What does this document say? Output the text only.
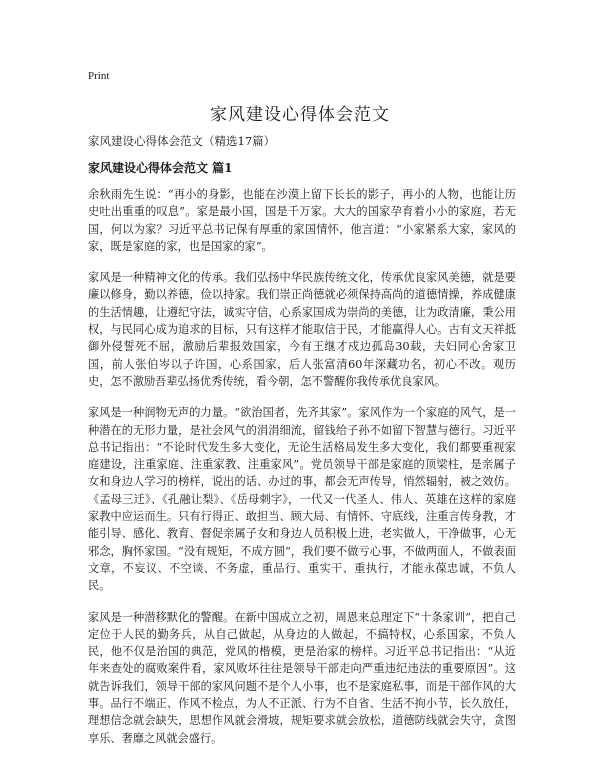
Print
家风建设心得体会范文

家风建设心得体会范文（精选17篇）

家风建设心得体会范文 篇1

余秋雨先生说：“再小的身影，也能在沙漠上留下长长的影子，再小的人物，也能让历史吐出重重的叹息”。家是最小国，国是千万家。大大的国家孕育着小小的家庭，若无国，何以为家？习近平总书记保有厚重的家国情怀，他言道：“小家紧系大家，家风的家，既是家庭的家，也是国家的家”。

家风是一种精神文化的传承。我们弘扬中华民族传统文化，传承优良家风美德，就是要廉以修身，勤以养德，俭以持家。我们崇正尚德就必须保持高尚的道德情操，养成健康的生活情趣，让遵纪守法，诚实守信，心系家国成为崇尚的美德，让为政清廉，秉公用权，与民同心成为追求的目标，只有这样才能取信于民，才能赢得人心。古有文天祥抵御外侵誓死不屈，激励后辈报效国家，今有王继才戍边孤岛30载，夫妇同心舍家卫国，前人张伯岑以子许国，心系国家，后人张富清60年深藏功名，初心不改。观历史，怎不激励吾辈弘扬优秀传统，看今朝，怎不警醒你我传承优良家风。

家风是一种润物无声的力量。“欲治国者，先齐其家”。家风作为一个家庭的风气，是一种潜在的无形力量，是社会风气的涓涓细流，留钱给子孙不如留下智慧与德行。习近平总书记指出：“不论时代发生多大变化，无论生活格局发生多大变化，我们都要重视家庭建设，注重家庭、注重家教、注重家风”。党员领导干部是家庭的顶梁柱，是亲属子女和身边人学习的榜样，说出的话、办过的事，都会无声传导，悄然辐射，被之效仿。《孟母三迁》、《孔融让梨》、《岳母刺字》，一代又一代圣人、伟人、英雄在这样的家庭家教中应运而生。只有行得正、敢担当、顾大局、有情怀、守底线，注重言传身教，才能引导、感化、教育、督促亲属子女和身边人员积极上进，老实做人，干净做事，心无邪念，胸怀家国。“没有规矩，不成方圆”，我们要不做亏心事，不做两面人，不做表面文章，不妄议、不空谈、不务虚，重品行、重实干、重执行，才能永葆忠诚，不负人民。

家风是一种潜移默化的警醒。在新中国成立之初，周恩来总理定下“十条家训”，把自己定位于人民的勤务兵，从自己做起，从身边的人做起，不搞特权，心系国家，不负人民，他不仅是治国的典范，党风的楷模，更是治家的榜样。习近平总书记指出：“从近年来查处的腐败案件看，家风败坏往往是领导干部走向严重违纪违法的重要原因”。这就告诉我们，领导干部的家风问题不是个人小事，也不是家庭私事，而是干部作风的大事。品行不端正、作风不检点，为人不正派、行为不自省、生活不拘小节，长久放任，理想信念就会缺失，思想作风就会滑坡，规矩要求就会放松，道德防线就会失守，贪图享乐、奢靡之风就会盛行。
